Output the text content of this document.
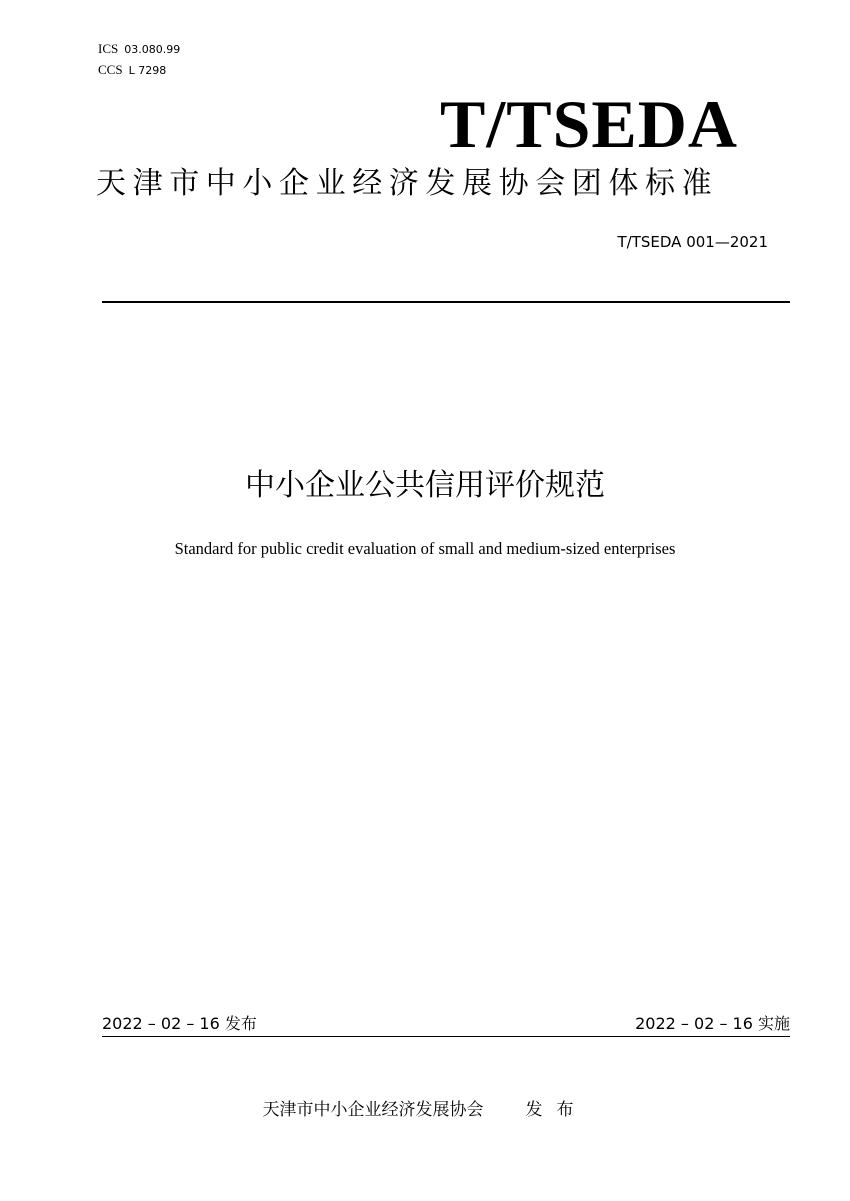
ICS 03.080.99
CCS L 7298
T/TSEDA
天津市中小企业经济发展协会团体标准
T/TSEDA 001—2021
中小企业公共信用评价规范
Standard for public credit evaluation of small and medium-sized enterprises
2022 – 02 – 16 发布	2022 – 02 – 16 实施
天津市中小企业经济发展协会 发布
